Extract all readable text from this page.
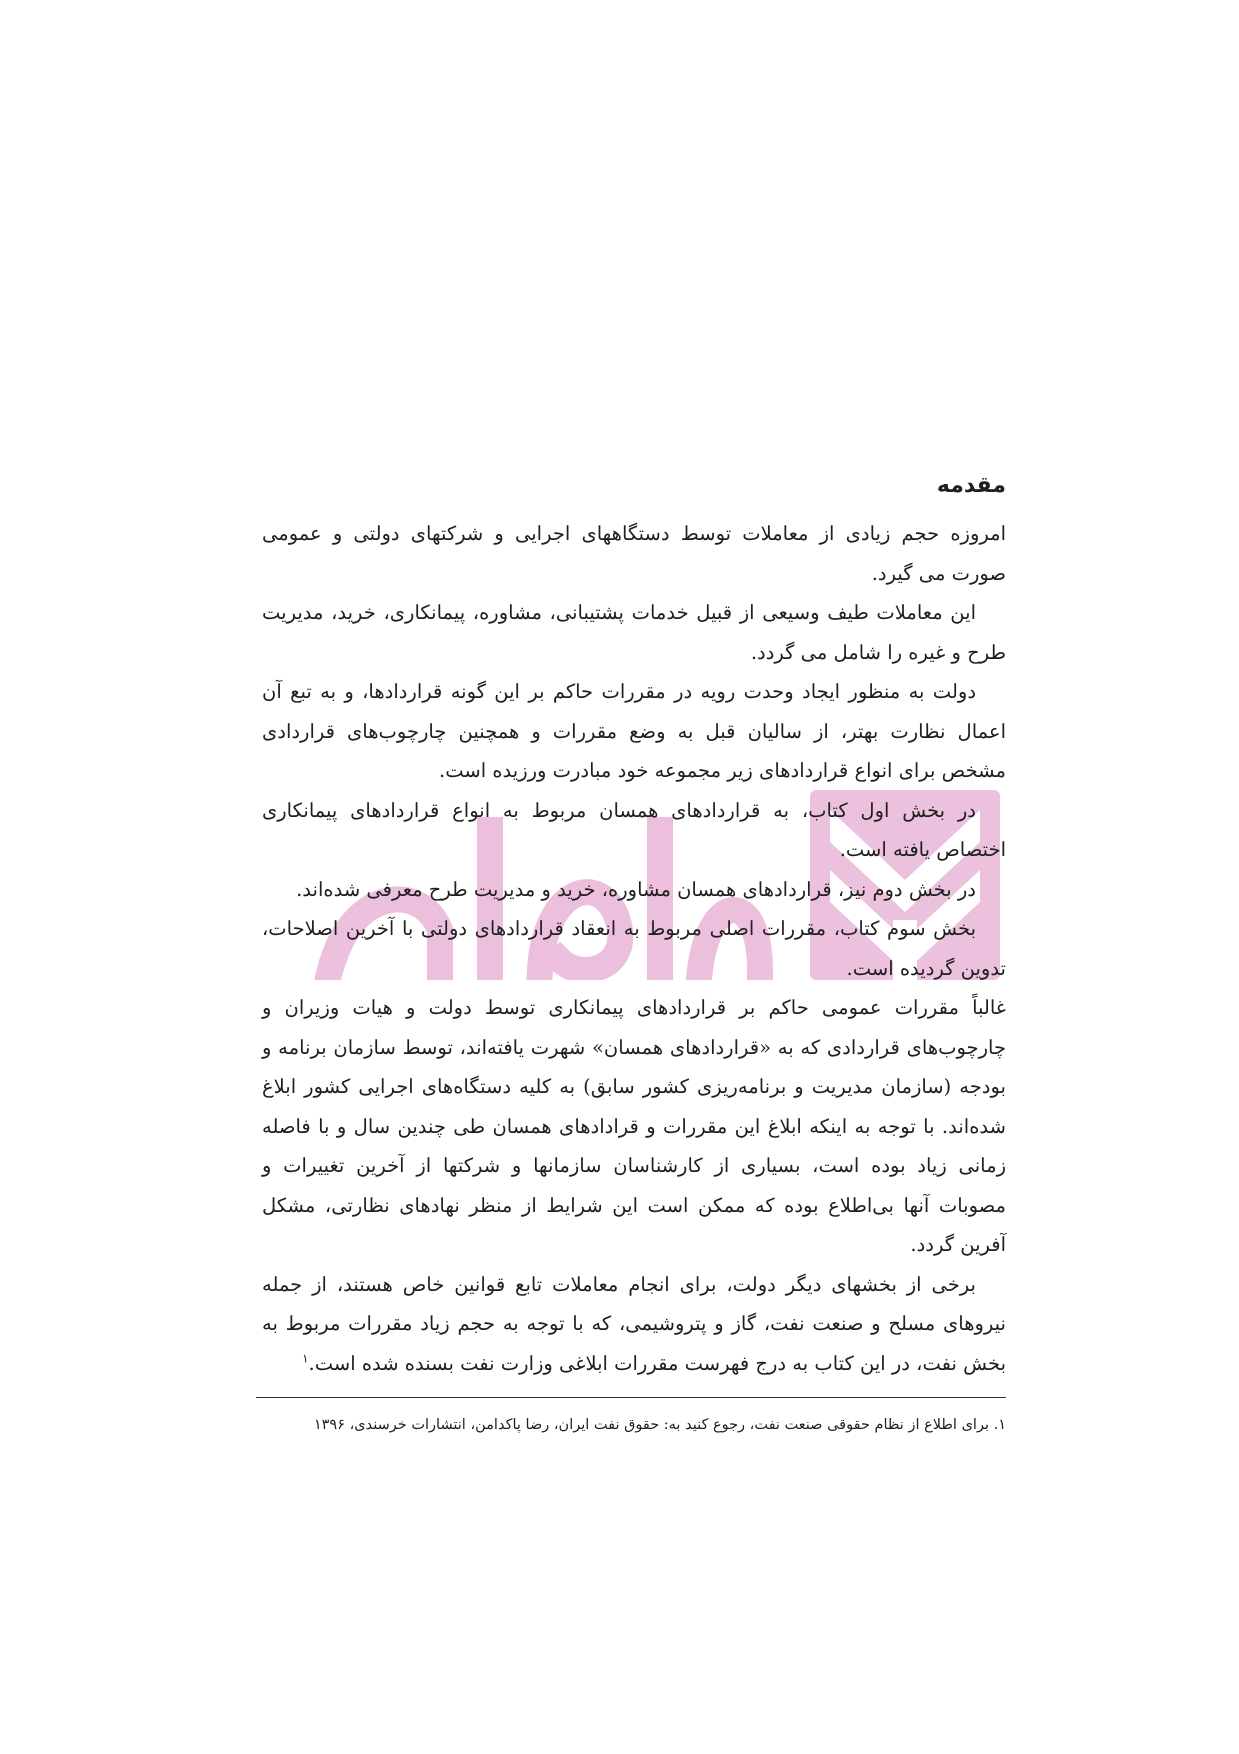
مقدمه

امروزه حجم زیادی از معاملات توسط دستگاههای اجرایی و شرکتهای دولتی و عمومی صورت می گیرد.

این معاملات طیف وسیعی از قبیل خدمات پشتیبانی، مشاوره، پیمانکاری، خرید، مدیریت طرح و غیره را شامل می گردد.

دولت به منظور ایجاد وحدت رویه در مقررات حاکم بر این گونه قراردادها، و به تبع آن اعمال نظارت بهتر، از سالیان قبل به وضع مقررات و همچنین چارچوب‌های قراردادی مشخص برای انواع قراردادهای زیر مجموعه خود مبادرت ورزیده است.

در بخش اول کتاب، به قراردادهای همسان مربوط به انواع قراردادهای پیمانکاری اختصاص یافته است.

در بخش دوم نیز، قراردادهای همسان مشاوره، خرید و مدیریت طرح معرفی شده‌اند.

بخش سوم کتاب، مقررات اصلی مربوط به انعقاد قراردادهای دولتی با آخرین اصلاحات، تدوین گردیده است.

غالباً مقررات عمومی حاکم بر قراردادهای پیمانکاری توسط دولت و هیات وزیران و چارچوب‌های قراردادی که به «قراردادهای همسان» شهرت یافته‌اند، توسط سازمان برنامه و بودجه (سازمان مدیریت و برنامه‌ریزی کشور سابق) به کلیه دستگاه‌های اجرایی کشور ابلاغ شده‌اند. با توجه به اینکه ابلاغ این مقررات و قرادادهای همسان طی چندین سال و با فاصله زمانی زیاد بوده است، بسیاری از کارشناسان سازمانها و شرکتها از آخرین تغییرات و مصوبات آنها بی‌اطلاع بوده که ممکن است این شرایط از منظر نهادهای نظارتی، مشکل آفرین گردد.

برخی از بخشهای دیگر دولت، برای انجام معاملات تابع قوانین خاص هستند، از جمله نیروهای مسلح و صنعت نفت، گاز و پتروشیمی، که با توجه به حجم زیاد مقررات مربوط به بخش نفت، در این کتاب به درج فهرست مقررات ابلاغی وزارت نفت بسنده شده است.$^۱$

۱. برای اطلاع از نظام حقوقی صنعت نفت، رجوع کنید به: حقوق نفت ایران، رضا پاکدامن، انتشارات خرسندی، ۱۳۹۶
